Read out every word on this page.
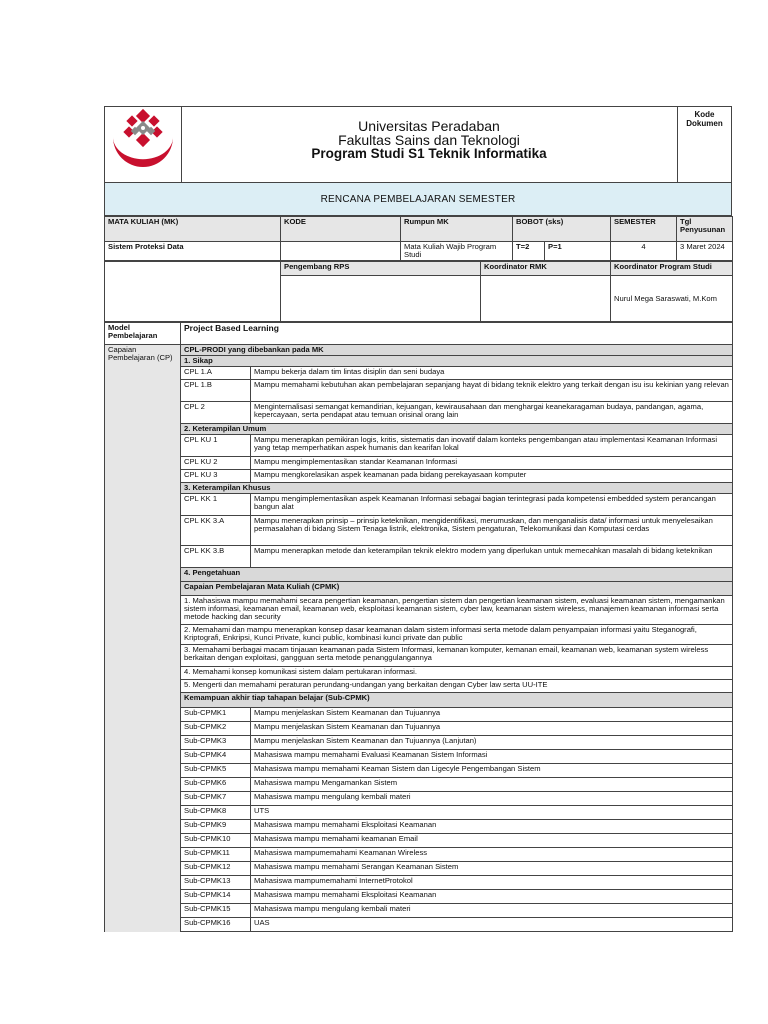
Universitas Peradaban
Fakultas Sains dan Teknologi
Program Studi S1 Teknik Informatika
Kode
Dokumen
RENCANA PEMBELAJARAN SEMESTER
MATA KULIAH (MK)	KODE	Rumpun MK	BOBOT (sks)		SEMESTER	Tgl Penyusunan
Sistem Proteksi Data		Mata Kuliah Wajib Program Studi	T=2	P=1	4	3 Maret 2024
	Pengembang RPS	Koordinator RMK	Koordinator Program Studi
			Nurul Mega Saraswati, M.Kom
Model Pembelajaran	Project Based Learning	
Capaian Pembelajaran (CP)	CPL-PRODI yang dibebankan pada MK	
	1. Sikap	
	CPL 1.A	Mampu bekerja dalam tim lintas disiplin dan seni budaya
	CPL 1.B	Mampu memahami kebutuhan akan pembelajaran sepanjang hayat di bidang teknik elektro yang terkait dengan isu isu kekinian yang relevan
	CPL 2	Menginternalisasi semangat kemandirian, kejuangan, kewirausahaan dan menghargai keanekaragaman budaya, pandangan, agama, kepercayaan, serta pendapat atau temuan orisinal orang lain
	2. Keterampilan Umum	
	CPL KU 1	Mampu menerapkan pemikiran logis, kritis, sistematis dan inovatif dalam konteks pengembangan atau implementasi Keamanan Informasi yang tetap memperhatikan aspek humanis dan kearifan lokal
	CPL KU 2	Mampu mengimplementasikan standar Keamanan Informasi
	CPL KU 3	Mampu mengkorelasikan aspek keamanan pada bidang perekayasaan komputer
	3. Keterampilan Khusus	
	CPL KK 1	Mampu mengimplementasikan aspek Keamanan Informasi sebagai bagian terintegrasi pada kompetensi embedded system perancangan bangun alat
	CPL KK 3.A	Mampu menerapkan prinsip – prinsip keteknikan, mengidentifikasi, merumuskan, dan menganalisis data/ informasi untuk menyelesaikan permasalahan di bidang Sistem Tenaga listrik, elektronika, Sistem pengaturan, Telekomunikasi dan Komputasi cerdas
	CPL KK 3.B	Mampu menerapkan metode dan keterampilan teknik elektro modern yang diperlukan untuk memecahkan masalah di bidang keteknikan
	4. Pengetahuan	
	Capaian Pembelajaran Mata Kuliah (CPMK)	
	1. Mahasiswa mampu memahami secara pengertian keamanan, pengertian sistem dan pengertian keamanan sistem, evaluasi keamanan sistem, mengamankan sistem informasi, keamanan email, keamanan web, eksploitasi keamanan sistem, cyber law, keamanan sistem wireless, manajemen keamanan informasi serta metode hacking dan security	
	2. Memahami dan mampu menerapkan konsep dasar keamanan dalam sistem informasi serta metode dalam penyampaian informasi yaitu Steganografi, Kriptografi, Enkripsi, Kunci Private, kunci public, kombinasi kunci private dan public	
	3. Memahami berbagai macam tinjauan keamanan pada Sistem Informasi, kemanan komputer, kemanan email, keamanan web, keamanan system wireless berkaitan dengan exploitasi, gangguan serta metode penanggulangannya	
	4. Memahami konsep komunikasi sistem dalam pertukaran informasi.	
	5. Mengerti dan memahami peraturan perundang-undangan yang berkaitan dengan Cyber law serta UU-ITE	
	Kemampuan akhir tiap tahapan belajar (Sub-CPMK)	
	Sub-CPMK1	Mampu menjelaskan Sistem Keamanan dan Tujuannya
	Sub-CPMK2	Mampu menjelaskan Sistem Keamanan dan Tujuannya
	Sub-CPMK3	Mampu menjelaskan Sistem Keamanan dan Tujuannya (Lanjutan)
	Sub-CPMK4	Mahasiswa mampu memahami Evaluasi Keamanan Sistem Informasi
	Sub-CPMK5	Mahasiswa mampu memahami Keaman Sistem dan Ligecyle Pengembangan Sistem
	Sub-CPMK6	Mahasiswa mampu Mengamankan Sistem
	Sub-CPMK7	Mahasiswa mampu mengulang kembali materi
	Sub-CPMK8	UTS
	Sub-CPMK9	Mahasiswa mampu memahami Eksploitasi Keamanan
	Sub-CPMK10	Mahasiswa mampu memahami keamanan Email
	Sub-CPMK11	Mahasiswa mampumemahami Keamanan Wireless
	Sub-CPMK12	Mahasiswa mampu memahami Serangan Keamanan Sistem
	Sub-CPMK13	Mahasiswa mampumemahami InternetProtokol
	Sub-CPMK14	Mahasiswa mampu memahami Eksploitasi Keamanan
	Sub-CPMK15	Mahasiswa mampu mengulang kembali materi
	Sub-CPMK16	UAS
